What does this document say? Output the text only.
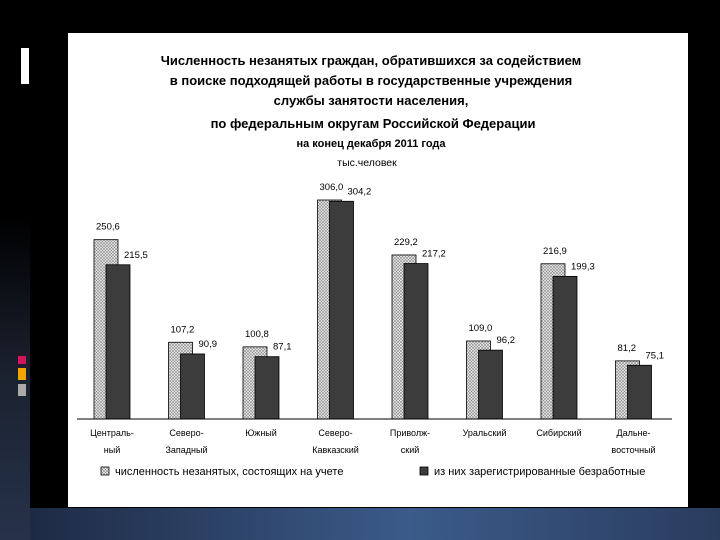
Численность незанятых граждан, обратившихся за содействием
в поиске подходящей работы в государственные учреждения
службы занятости населения,
по федеральным округам Российской Федерации
на конец декабря 2011 года
тыс.человек
250,6
215,5
107,2
90,9
100,8
87,1
306,0 304,2
229,2
217,2
109,0
96,2
216,9
199,3
81,2
75,1
Централь-
ный
Северо-
Западный
Южный	Северо-
Кавказский
Приволж-
ский
Уральский	Сибирский	Дальне-
восточный
численность незанятых, состоящих на учете	из них зарегистрированные безработные
